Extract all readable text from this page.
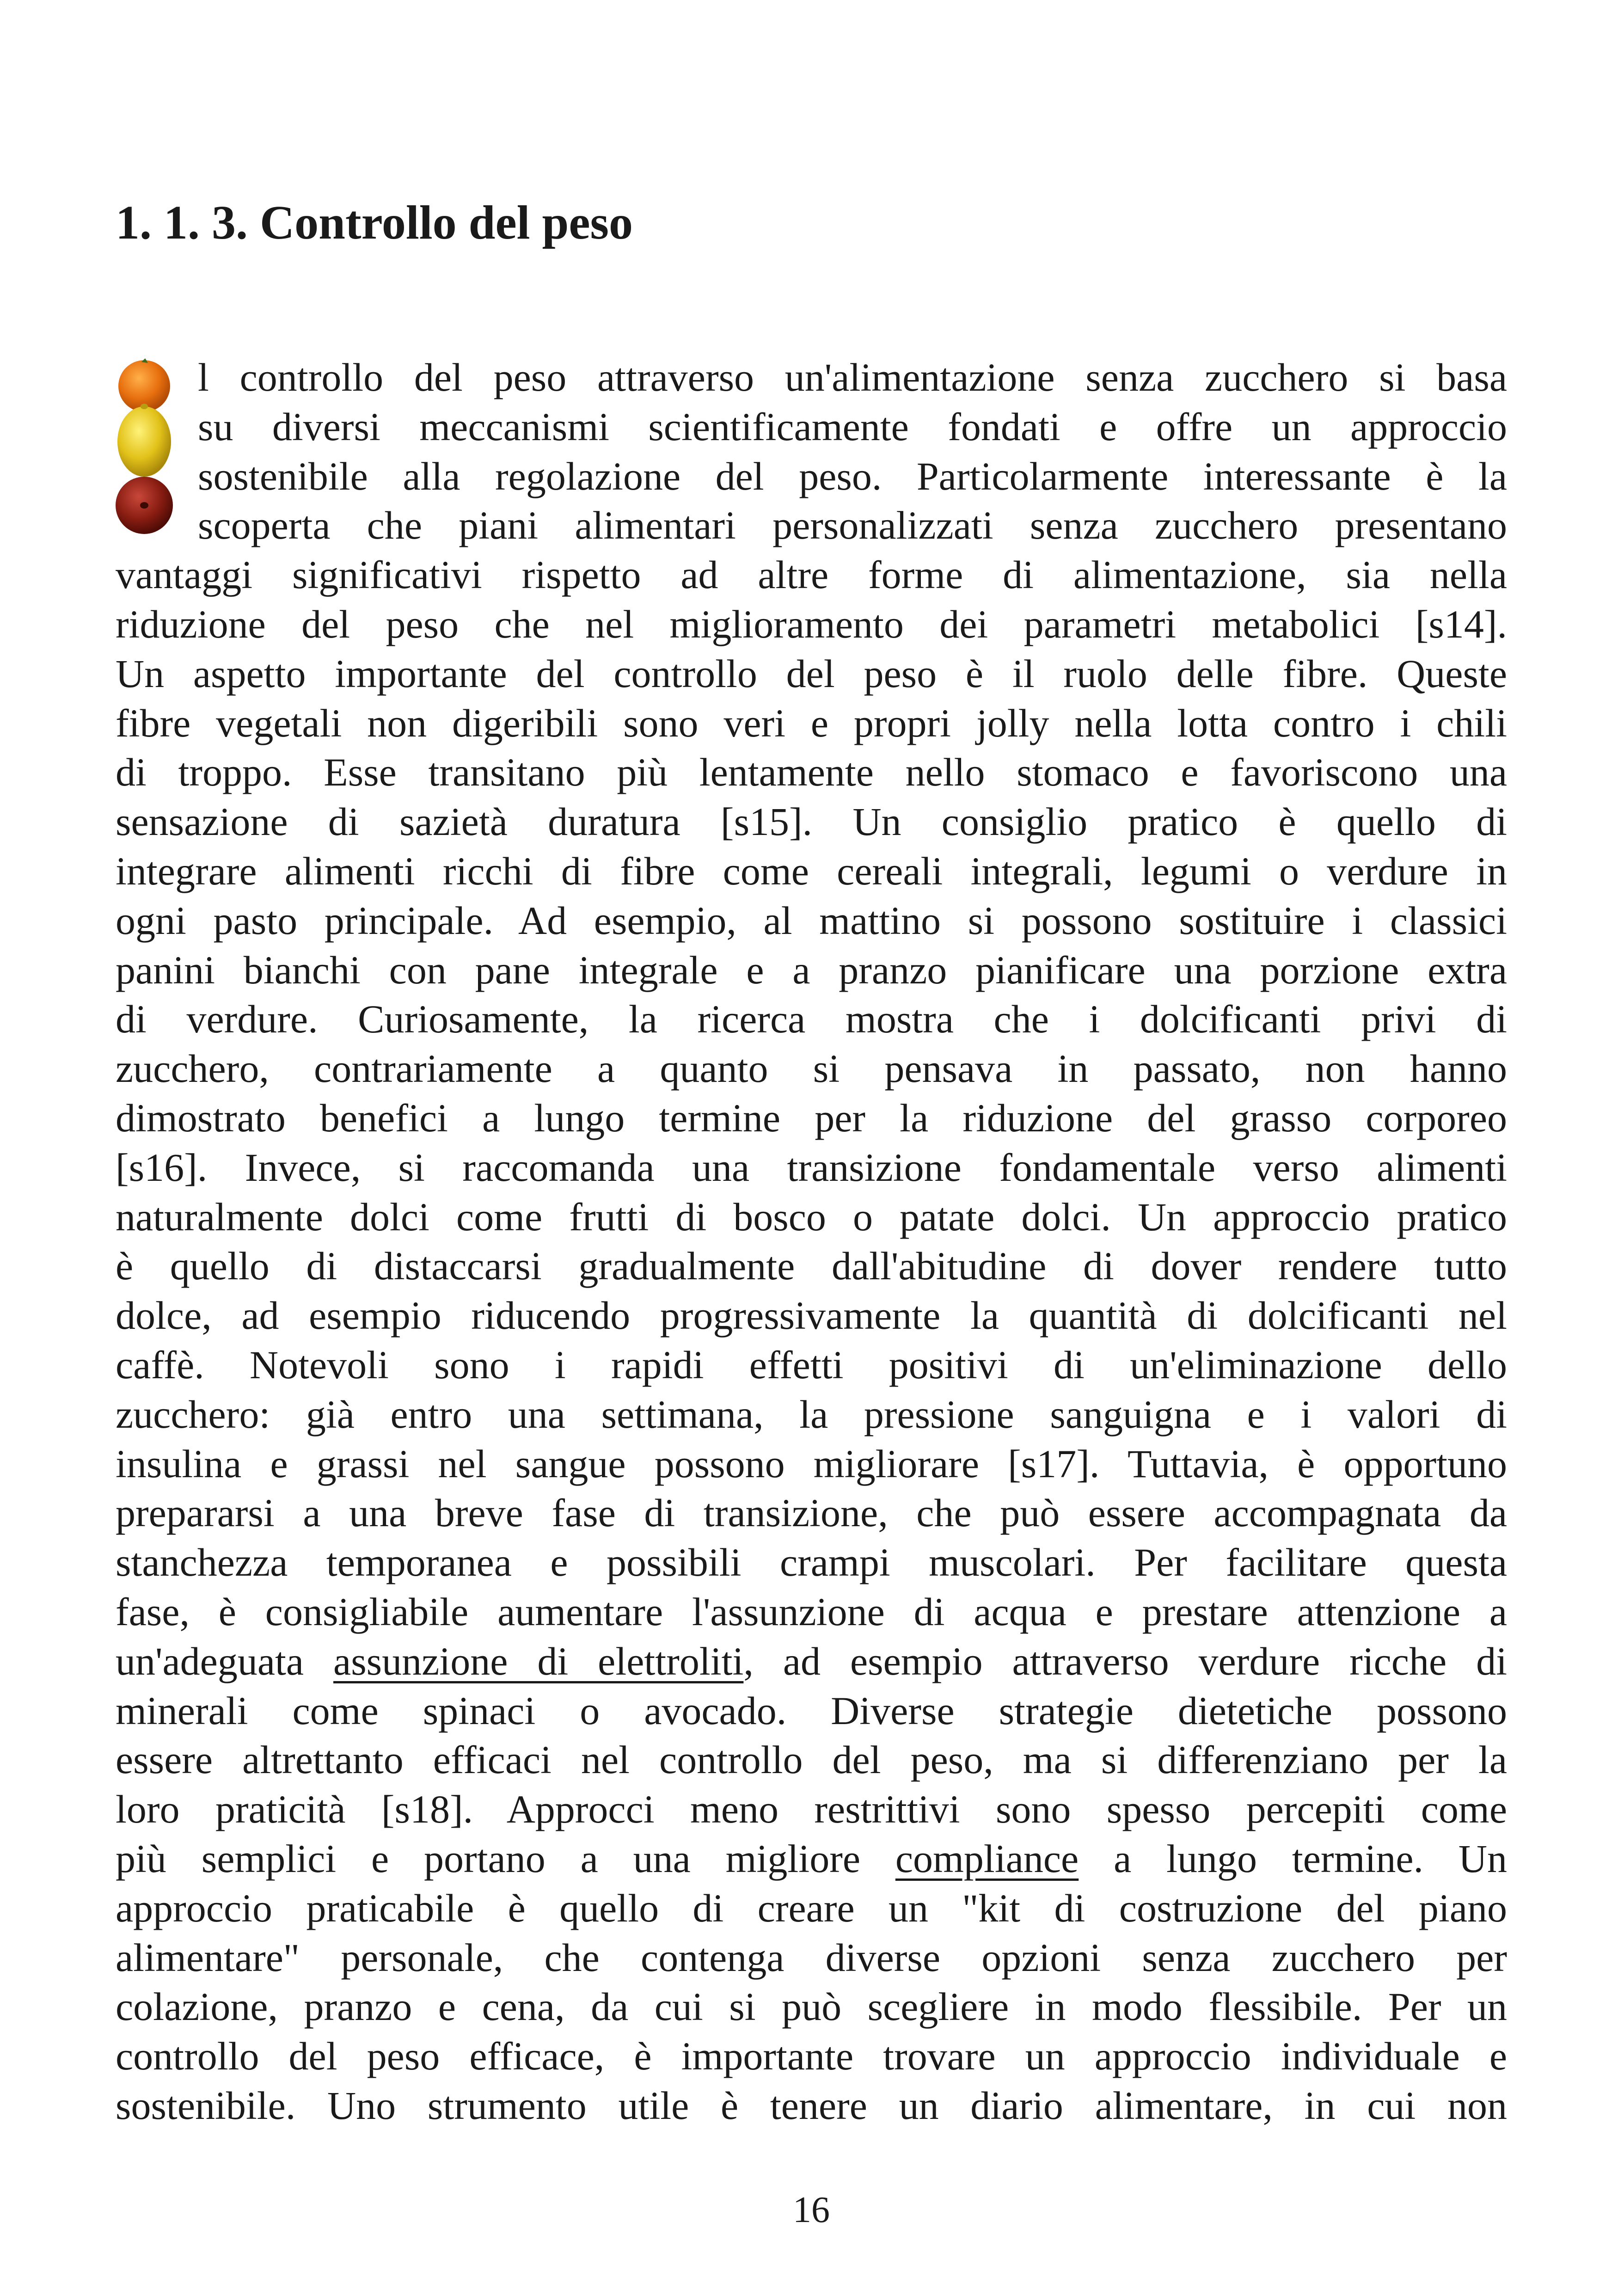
1. 1. 3. Controllo del peso
l controllo del peso attraverso un'alimentazione senza zucchero si basa
su diversi meccanismi scientificamente fondati e offre un approccio
sostenibile alla regolazione del peso. Particolarmente interessante è la
scoperta che piani alimentari personalizzati senza zucchero presentano
vantaggi significativi rispetto ad altre forme di alimentazione, sia nella
riduzione del peso che nel miglioramento dei parametri metabolici [s14].
Un aspetto importante del controllo del peso è il ruolo delle fibre. Queste
fibre vegetali non digeribili sono veri e propri jolly nella lotta contro i chili
di troppo. Esse transitano più lentamente nello stomaco e favoriscono una
sensazione di sazietà duratura [s15]. Un consiglio pratico è quello di
integrare alimenti ricchi di fibre come cereali integrali, legumi o verdure in
ogni pasto principale. Ad esempio, al mattino si possono sostituire i classici
panini bianchi con pane integrale e a pranzo pianificare una porzione extra
di verdure. Curiosamente, la ricerca mostra che i dolcificanti privi di
zucchero, contrariamente a quanto si pensava in passato, non hanno
dimostrato benefici a lungo termine per la riduzione del grasso corporeo
[s16]. Invece, si raccomanda una transizione fondamentale verso alimenti
naturalmente dolci come frutti di bosco o patate dolci. Un approccio pratico
è quello di distaccarsi gradualmente dall'abitudine di dover rendere tutto
dolce, ad esempio riducendo progressivamente la quantità di dolcificanti nel
caffè. Notevoli sono i rapidi effetti positivi di un'eliminazione dello
zucchero: già entro una settimana, la pressione sanguigna e i valori di
insulina e grassi nel sangue possono migliorare [s17]. Tuttavia, è opportuno
prepararsi a una breve fase di transizione, che può essere accompagnata da
stanchezza temporanea e possibili crampi muscolari. Per facilitare questa
fase, è consigliabile aumentare l'assunzione di acqua e prestare attenzione a
un'adeguata assunzione di elettroliti, ad esempio attraverso verdure ricche di
minerali come spinaci o avocado. Diverse strategie dietetiche possono
essere altrettanto efficaci nel controllo del peso, ma si differenziano per la
loro praticità [s18]. Approcci meno restrittivi sono spesso percepiti come
più semplici e portano a una migliore compliance a lungo termine. Un
approccio praticabile è quello di creare un "kit di costruzione del piano
alimentare" personale, che contenga diverse opzioni senza zucchero per
colazione, pranzo e cena, da cui si può scegliere in modo flessibile. Per un
controllo del peso efficace, è importante trovare un approccio individuale e
sostenibile. Uno strumento utile è tenere un diario alimentare, in cui non
16
